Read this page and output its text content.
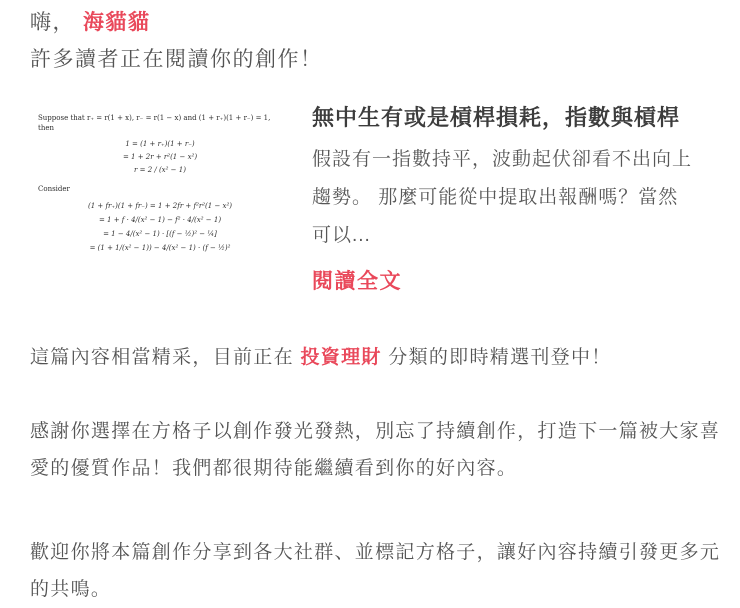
嗨， 海貓貓
許多讀者正在閱讀你的創作！
Suppose that r₊ = r(1 + x), r₋ = r(1 − x) and (1 + r₊)(1 + r₋) = 1, then
1 = (1 + r₊)(1 + r₋)
= 1 + 2r + r²(1 − x²)
r = 2 / (x² − 1)
Consider
(1 + fr₊)(1 + fr₋) = 1 + 2fr + f²r²(1 − x²)
= 1 + f · 4/(x² − 1) − f² · 4/(x² − 1)
= 1 − 4/(x² − 1) · [(f − ½)² − ¼]
= (1 + 1/(x² − 1)) − 4/(x² − 1) · (f − ½)²
無中生有或是槓桿損耗，指數與槓桿

假設有一指數持平，波動起伏卻看不出向上趨勢。 那麼可能從中提取出報酬嗎？當然可以...

閱讀全文

這篇內容相當精采，目前正在 投資理財 分類的即時精選刊登中！

感謝你選擇在方格子以創作發光發熱，別忘了持續創作，打造下一篇被大家喜愛的優質作品！我們都很期待能繼續看到你的好內容。

歡迎你將本篇創作分享到各大社群、並標記方格子，讓好內容持續引發更多元的共鳴。
